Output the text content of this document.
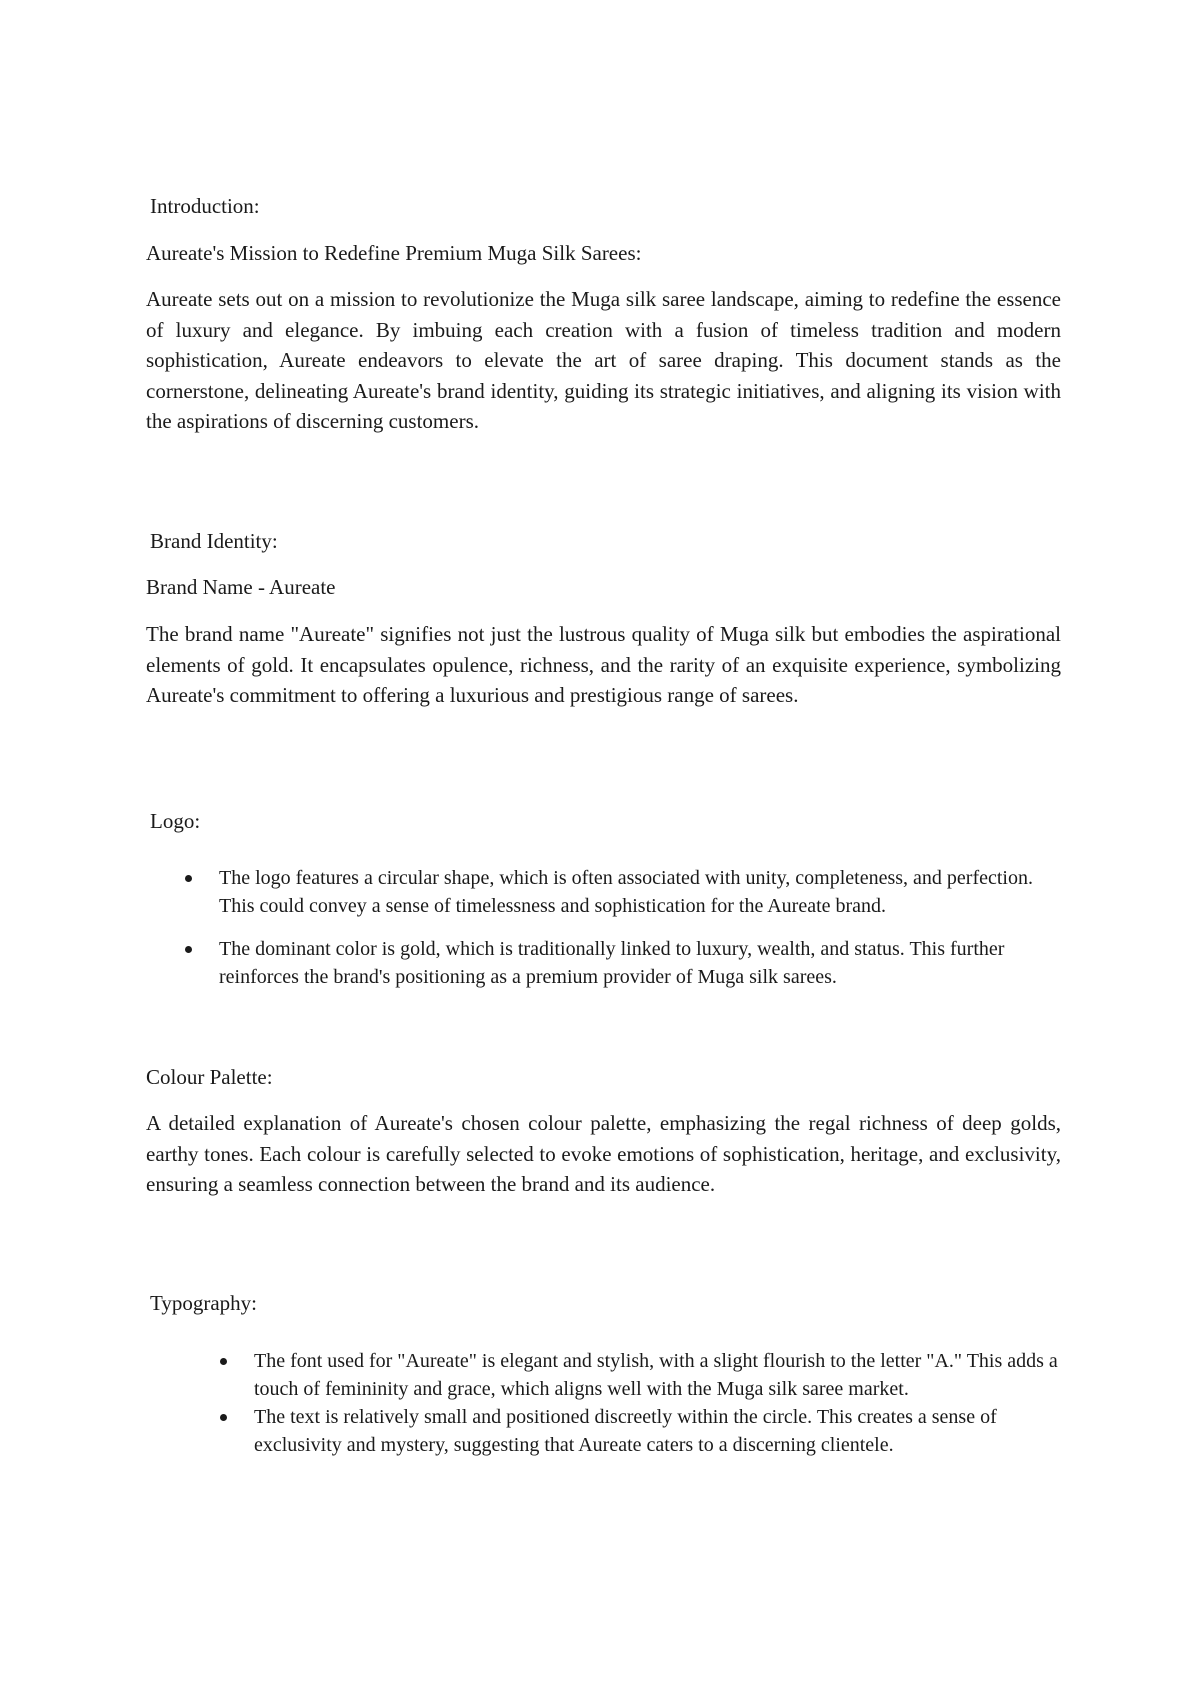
Introduction:

Aureate's Mission to Redefine Premium Muga Silk Sarees:

Aureate sets out on a mission to revolutionize the Muga silk saree landscape, aiming to redefine the essence of luxury and elegance. By imbuing each creation with a fusion of timeless tradition and modern sophistication, Aureate endeavors to elevate the art of saree draping. This document stands as the cornerstone, delineating Aureate's brand identity, guiding its strategic initiatives, and aligning its vision with the aspirations of discerning customers.

Brand Identity:

Brand Name - Aureate

The brand name "Aureate" signifies not just the lustrous quality of Muga silk but embodies the aspirational elements of gold. It encapsulates opulence, richness, and the rarity of an exquisite experience, symbolizing Aureate's commitment to offering a luxurious and prestigious range of sarees.

Logo:

The logo features a circular shape, which is often associated with unity, completeness, and perfection. This could convey a sense of timelessness and sophistication for the Aureate brand.
The dominant color is gold, which is traditionally linked to luxury, wealth, and status. This further reinforces the brand's positioning as a premium provider of Muga silk sarees.

Colour Palette:

A detailed explanation of Aureate's chosen colour palette, emphasizing the regal richness of deep golds, earthy tones. Each colour is carefully selected to evoke emotions of sophistication, heritage, and exclusivity, ensuring a seamless connection between the brand and its audience.

Typography:

The font used for "Aureate" is elegant and stylish, with a slight flourish to the letter "A." This adds a touch of femininity and grace, which aligns well with the Muga silk saree market.
The text is relatively small and positioned discreetly within the circle. This creates a sense of exclusivity and mystery, suggesting that Aureate caters to a discerning clientele.
